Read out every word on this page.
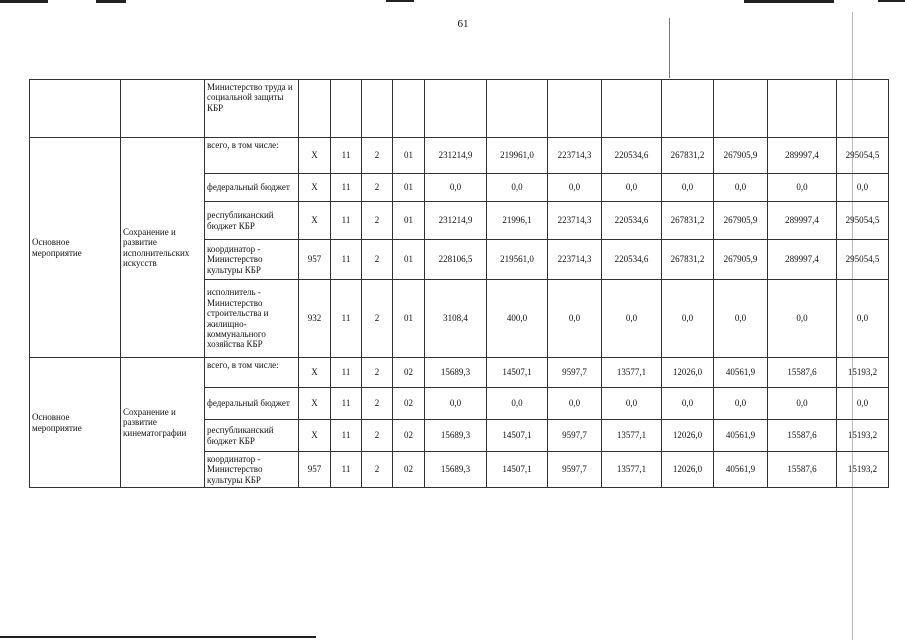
61
		Министерство труда и социальной защиты КБР												
Основное мероприятие	Сохранение и развитие исполнительских искусств	всего, в том числе:	Х	11	2	01	231214,9	219961,0	223714,3	220534,6	267831,2	267905,9	289997,4	295054,5
		федеральный бюджет	Х	11	2	01	0,0	0,0	0,0	0,0	0,0	0,0	0,0	0,0
		республиканский бюджет КБР	Х	11	2	01	231214,9	21996,1	223714,3	220534,6	267831,2	267905,9	289997,4	295054,5
		координатор - Министерство культуры КБР	957	11	2	01	228106,5	219561,0	223714,3	220534,6	267831,2	267905,9	289997,4	295054,5
		исполнитель - Министерство строительства и жилищно-коммунального хозяйства КБР	932	11	2	01	3108,4	400,0	0,0	0,0	0,0	0,0	0,0	0,0
Основное мероприятие	Сохранение и развитие кинематографии	всего, в том числе:	Х	11	2	02	15689,3	14507,1	9597,7	13577,1	12026,0	40561,9	15587,6	15193,2
		федеральный бюджет	Х	11	2	02	0,0	0,0	0,0	0,0	0,0	0,0	0,0	0,0
		республиканский бюджет КБР	Х	11	2	02	15689,3	14507,1	9597,7	13577,1	12026,0	40561,9	15587,6	15193,2
		координатор - Министерство культуры КБР	957	11	2	02	15689,3	14507,1	9597,7	13577,1	12026,0	40561,9	15587,6	15193,2
